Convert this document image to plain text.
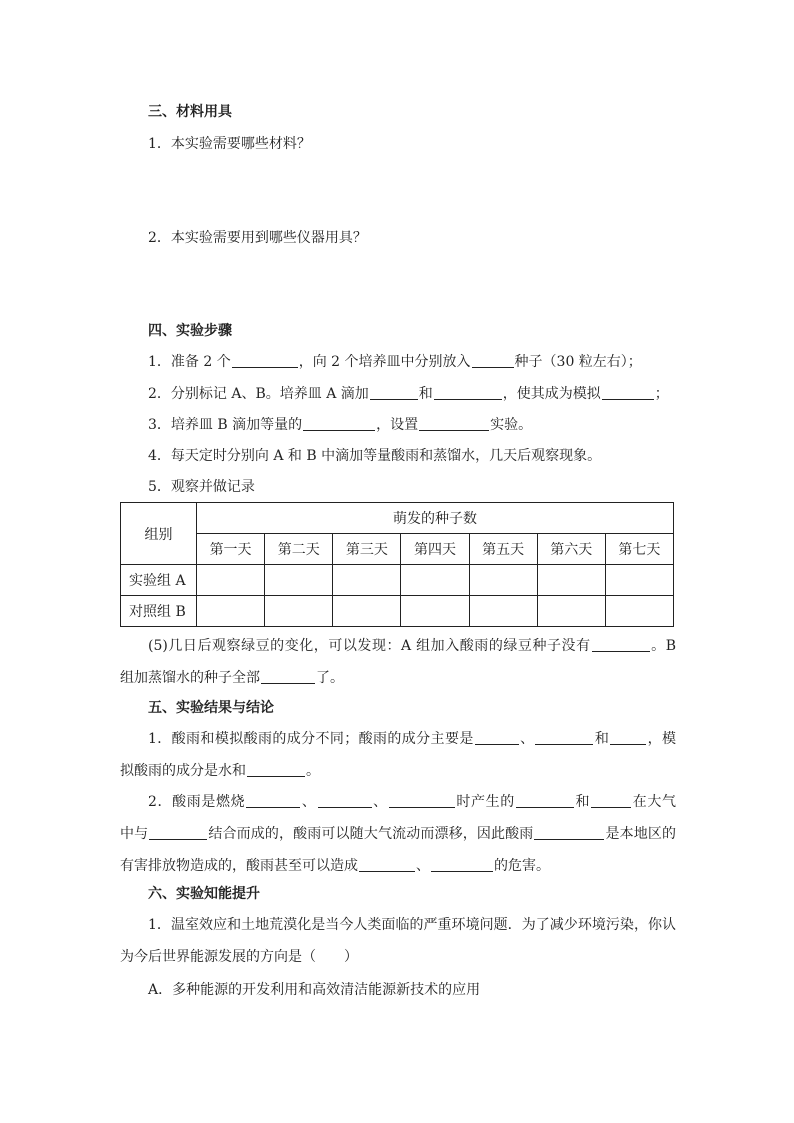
三、材料用具
1．本实验需要哪些材料？
2．本实验需要用到哪些仪器用具？
四、实验步骤
1．准备 2 个	，向 2 个培养皿中分别放入	种子（30 粒左右）；
2．分别标记 A、B。培养皿 A 滴加	和	，使其成为模拟	；
3．培养皿 B 滴加等量的	，设置	实验。
4．每天定时分别向 A 和 B 中滴加等量酸雨和蒸馏水，几天后观察现象。
5．观察并做记录
组别	萌发的种子数						
	第一天	第二天	第三天	第四天	第五天	第六天	第七天
实验组 A							
对照组 B							
(5)几日后观察绿豆的变化，可以发现：A 组加入酸雨的绿豆种子没有	。B 组加蒸馏水的种子全部	了。
五、实验结果与结论
1．酸雨和模拟酸雨的成分不同；酸雨的成分主要是	、	和	，模拟酸雨的成分是水和	。
2．酸雨是燃烧	、	、	时产生的	和	在大气中与	结合而成的，酸雨可以随大气流动而漂移，因此酸雨	是本地区的有害排放物造成的，酸雨甚至可以造成	、	的危害。
六、实验知能提升
1．温室效应和土地荒漠化是当今人类面临的严重环境问题．为了减少环境污染，你认为今后世界能源发展的方向是（　　）
A．多种能源的开发利用和高效清洁能源新技术的应用
